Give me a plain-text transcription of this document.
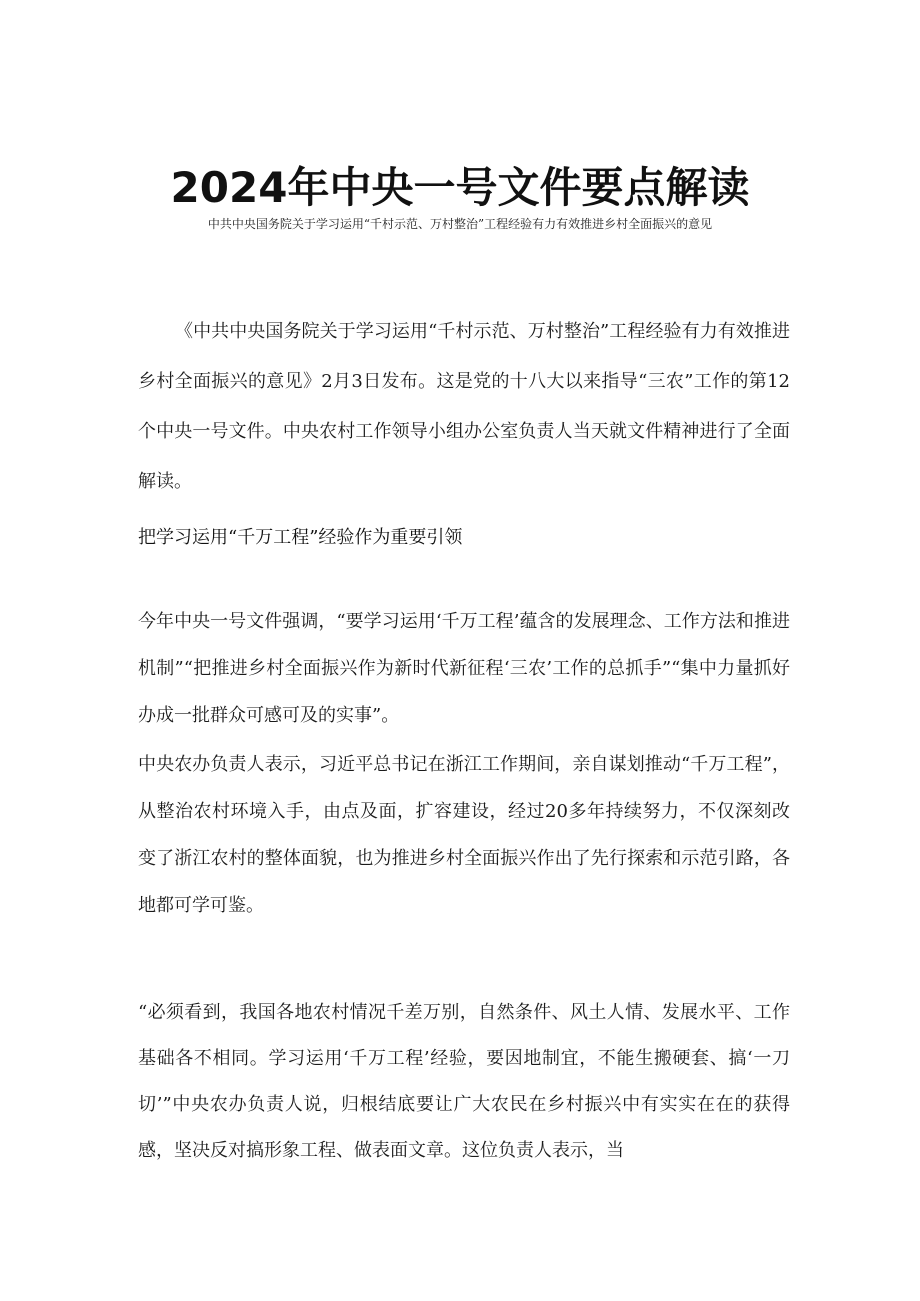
2024年中央一号文件要点解读
中共中央国务院关于学习运用“千村示范、万村整治”工程经验有力有效推进乡村全面振兴的意见

《中共中央国务院关于学习运用“千村示范、万村整治”工程经验有力有效推进乡村全面振兴的意见》2月3日发布。这是党的十八大以来指导“三农”工作的第12个中央一号文件。中央农村工作领导小组办公室负责人当天就文件精神进行了全面解读。

把学习运用“千万工程”经验作为重要引领

今年中央一号文件强调，“要学习运用‘千万工程’蕴含的发展理念、工作方法和推进机制”“把推进乡村全面振兴作为新时代新征程‘三农’工作的总抓手”“集中力量抓好办成一批群众可感可及的实事”。

中央农办负责人表示，习近平总书记在浙江工作期间，亲自谋划推动“千万工程”，从整治农村环境入手，由点及面，扩容建设，经过20多年持续努力，不仅深刻改变了浙江农村的整体面貌，也为推进乡村全面振兴作出了先行探索和示范引路，各地都可学可鉴。

“必须看到，我国各地农村情况千差万别，自然条件、风土人情、发展水平、工作基础各不相同。学习运用‘千万工程’经验，要因地制宜，不能生搬硬套、搞‘一刀切’”中央农办负责人说，归根结底要让广大农民在乡村振兴中有实实在在的获得感，坚决反对搞形象工程、做表面文章。这位负责人表示，当
